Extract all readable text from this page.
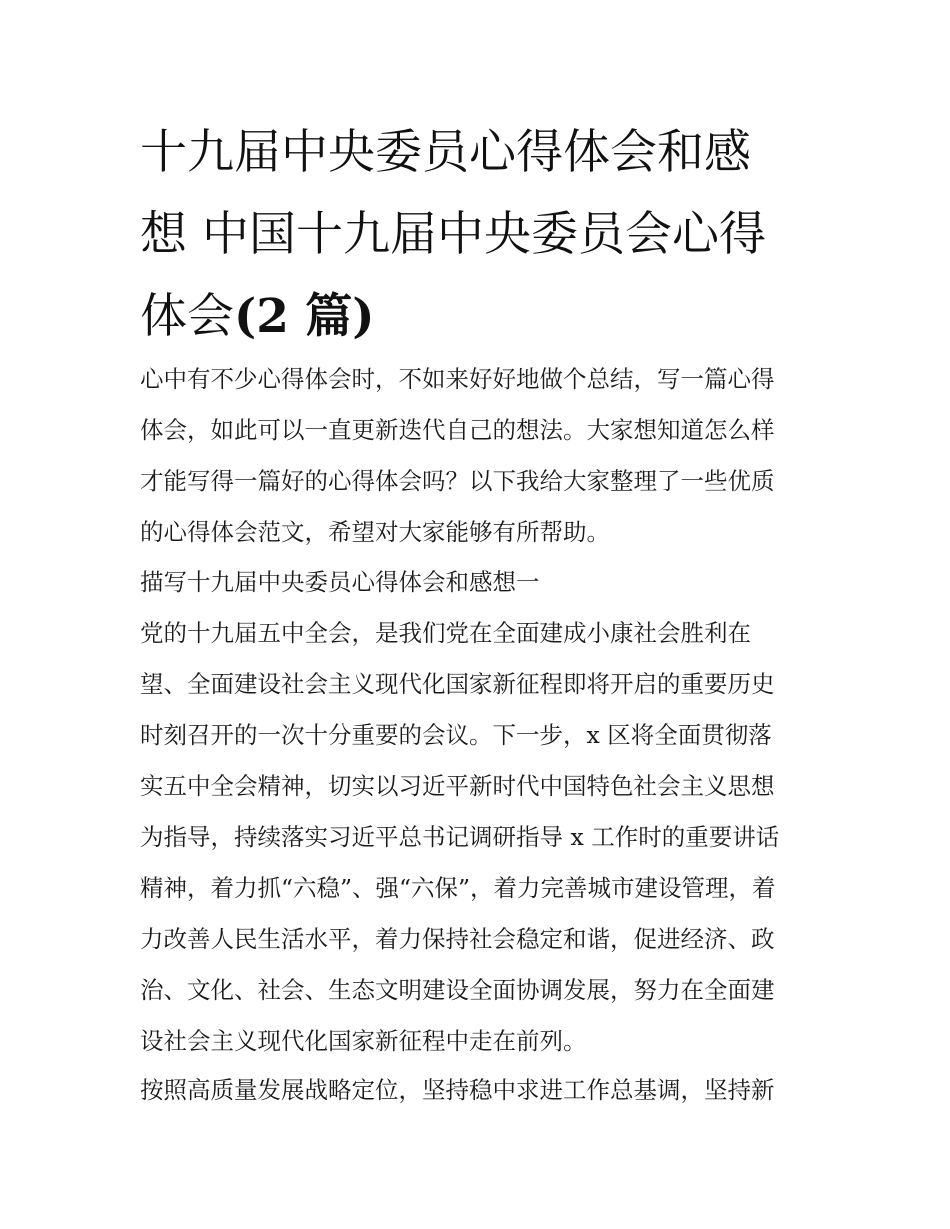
十九届中央委员心得体会和感
想 中国十九届中央委员会心得
体会(2 篇)
心中有不少心得体会时，不如来好好地做个总结，写一篇心得
体会，如此可以一直更新迭代自己的想法。大家想知道怎么样
才能写得一篇好的心得体会吗？以下我给大家整理了一些优质
的心得体会范文，希望对大家能够有所帮助。
描写十九届中央委员心得体会和感想一
党的十九届五中全会，是我们党在全面建成小康社会胜利在
望、全面建设社会主义现代化国家新征程即将开启的重要历史
时刻召开的一次十分重要的会议。下一步，x 区将全面贯彻落
实五中全会精神，切实以习近平新时代中国特色社会主义思想
为指导，持续落实习近平总书记调研指导 x 工作时的重要讲话
精神，着力抓“六稳”、强“六保”，着力完善城市建设管理，着
力改善人民生活水平，着力保持社会稳定和谐，促进经济、政
治、文化、社会、生态文明建设全面协调发展，努力在全面建
设社会主义现代化国家新征程中走在前列。
按照高质量发展战略定位，坚持稳中求进工作总基调，坚持新
